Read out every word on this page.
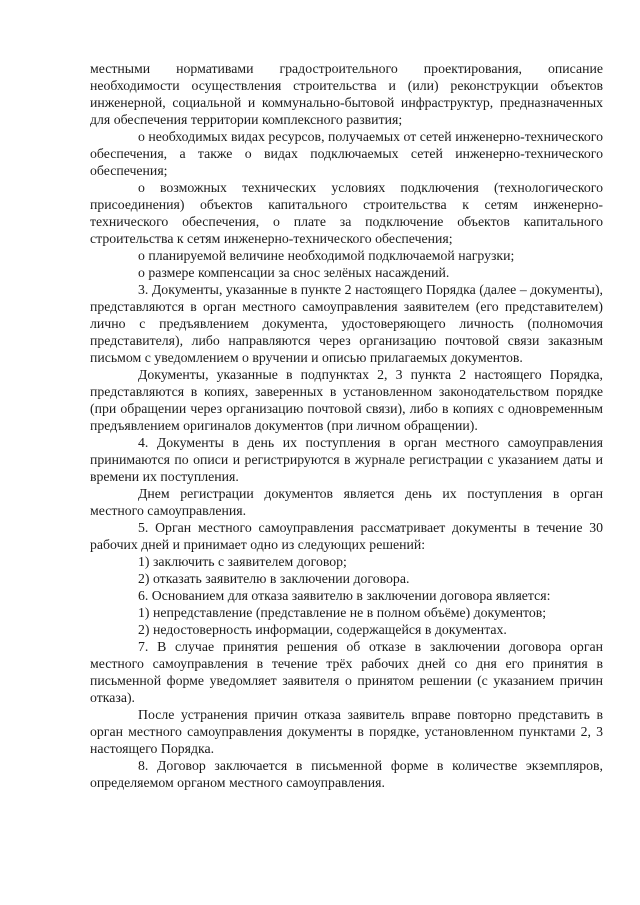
местными нормативами градостроительного проектирования, описание необходимости осуществления строительства и (или) реконструкции объектов инженерной, социальной и коммунально-бытовой инфраструктур, предназначенных для обеспечения территории комплексного развития;

о необходимых видах ресурсов, получаемых от сетей инженерно-технического обеспечения, а также о видах подключаемых сетей инженерно-технического обеспечения;

о возможных технических условиях подключения (технологического присоединения) объектов капитального строительства к сетям инженерно-технического обеспечения, о плате за подключение объектов капитального строительства к сетям инженерно-технического обеспечения;

о планируемой величине необходимой подключаемой нагрузки;

о размере компенсации за снос зелёных насаждений.

3. Документы, указанные в пункте 2 настоящего Порядка (далее – документы), представляются в орган местного самоуправления заявителем (его представителем) лично с предъявлением документа, удостоверяющего личность (полномочия представителя), либо направляются через организацию почтовой связи заказным письмом с уведомлением о вручении и описью прилагаемых документов.

Документы, указанные в подпунктах 2, 3 пункта 2 настоящего Порядка, представляются в копиях, заверенных в установленном законодательством порядке (при обращении через организацию почтовой связи), либо в копиях с одновременным предъявлением оригиналов документов (при личном обращении).

4. Документы в день их поступления в орган местного самоуправления принимаются по описи и регистрируются в журнале регистрации с указанием даты и времени их поступления.

Днем регистрации документов является день их поступления в орган местного самоуправления.

5. Орган местного самоуправления рассматривает документы в течение 30 рабочих дней и принимает одно из следующих решений:

1) заключить с заявителем договор;

2) отказать заявителю в заключении договора.

6. Основанием для отказа заявителю в заключении договора является:

1) непредставление (представление не в полном объёме) документов;

2) недостоверность информации, содержащейся в документах.

7. В случае принятия решения об отказе в заключении договора орган местного самоуправления в течение трёх рабочих дней со дня его принятия в письменной форме уведомляет заявителя о принятом решении (с указанием причин отказа).

После устранения причин отказа заявитель вправе повторно представить в орган местного самоуправления документы в порядке, установленном пунктами 2, 3 настоящего Порядка.

8. Договор заключается в письменной форме в количестве экземпляров, определяемом органом местного самоуправления.
